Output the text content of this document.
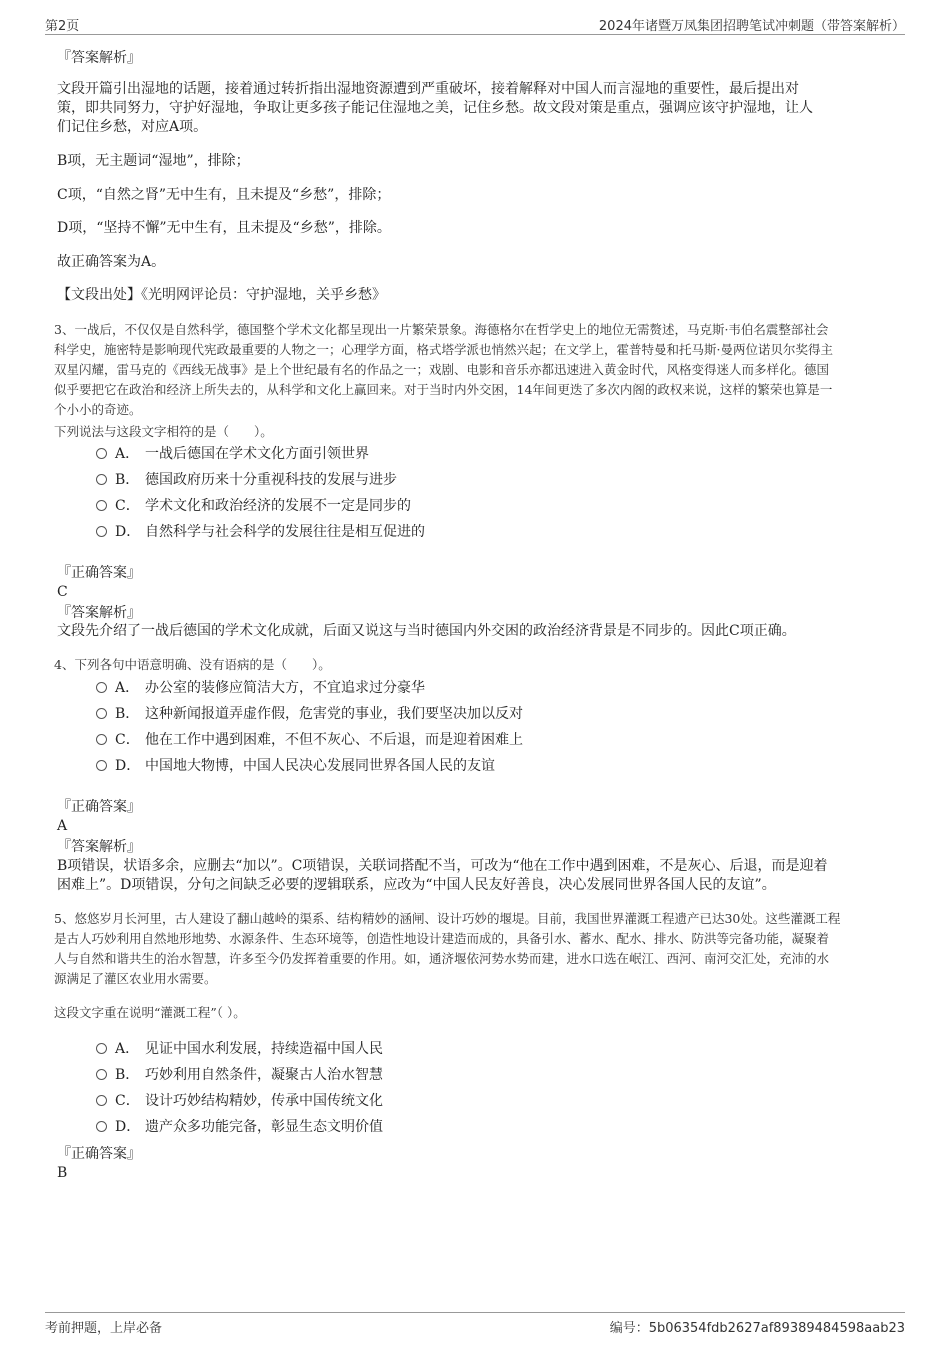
第2页	2024年诸暨万凤集团招聘笔试冲刺题（带答案解析）
『答案解析』
文段开篇引出湿地的话题，接着通过转折指出湿地资源遭到严重破坏，接着解释对中国人而言湿地的重要性，最后提出对
策，即共同努力，守护好湿地，争取让更多孩子能记住湿地之美，记住乡愁。故文段对策是重点，强调应该守护湿地，让人
们记住乡愁，对应A项。
B项，无主题词“湿地”，排除；
C项，“自然之肾”无中生有，且未提及“乡愁”，排除；
D项，“坚持不懈”无中生有，且未提及“乡愁”，排除。
故正确答案为A。
【文段出处】《光明网评论员：守护湿地，关乎乡愁》
3、一战后，不仅仅是自然科学，德国整个学术文化都呈现出一片繁荣景象。海德格尔在哲学史上的地位无需赘述，马克斯·韦伯名震整部社会
科学史，施密特是影响现代宪政最重要的人物之一；心理学方面，格式塔学派也悄然兴起；在文学上，霍普特曼和托马斯·曼两位诺贝尔奖得主
双星闪耀，雷马克的《西线无战事》是上个世纪最有名的作品之一；戏剧、电影和音乐亦都迅速进入黄金时代，风格变得迷人而多样化。德国
似乎要把它在政治和经济上所失去的，从科学和文化上赢回来。对于当时内外交困，14年间更迭了多次内阁的政权来说，这样的繁荣也算是一
个小小的奇迹。
下列说法与这段文字相符的是（　　）。
A． 一战后德国在学术文化方面引领世界
B． 德国政府历来十分重视科技的发展与进步
C． 学术文化和政治经济的发展不一定是同步的
D． 自然科学与社会科学的发展往往是相互促进的
『正确答案』
C
『答案解析』
文段先介绍了一战后德国的学术文化成就，后面又说这与当时德国内外交困的政治经济背景是不同步的。因此C项正确。
4、下列各句中语意明确、没有语病的是（　　）。
A． 办公室的装修应简洁大方，不宜追求过分豪华
B． 这种新闻报道弄虚作假，危害党的事业，我们要坚决加以反对
C． 他在工作中遇到困难，不但不灰心、不后退，而是迎着困难上
D． 中国地大物博，中国人民决心发展同世界各国人民的友谊
『正确答案』
A
『答案解析』
B项错误，状语多余，应删去“加以”。C项错误，关联词搭配不当，可改为“他在工作中遇到困难，不是灰心、后退，而是迎着
困难上”。D项错误，分句之间缺乏必要的逻辑联系，应改为“中国人民友好善良，决心发展同世界各国人民的友谊”。
5、悠悠岁月长河里，古人建设了翻山越岭的渠系、结构精妙的涵闸、设计巧妙的堰堤。目前，我国世界灌溉工程遗产已达30处。这些灌溉工程
是古人巧妙利用自然地形地势、水源条件、生态环境等，创造性地设计建造而成的，具备引水、蓄水、配水、排水、防洪等完备功能，凝聚着
人与自然和谐共生的治水智慧，许多至今仍发挥着重要的作用。如，通济堰依河势水势而建，进水口选在岷江、西河、南河交汇处，充沛的水
源满足了灌区农业用水需要。
这段文字重在说明“灌溉工程”（ ）。
A． 见证中国水利发展，持续造福中国人民
B． 巧妙利用自然条件，凝聚古人治水智慧
C． 设计巧妙结构精妙，传承中国传统文化
D． 遗产众多功能完备，彰显生态文明价值
『正确答案』
B
考前押题，上岸必备	编号：5b06354fdb2627af89389484598aab23
